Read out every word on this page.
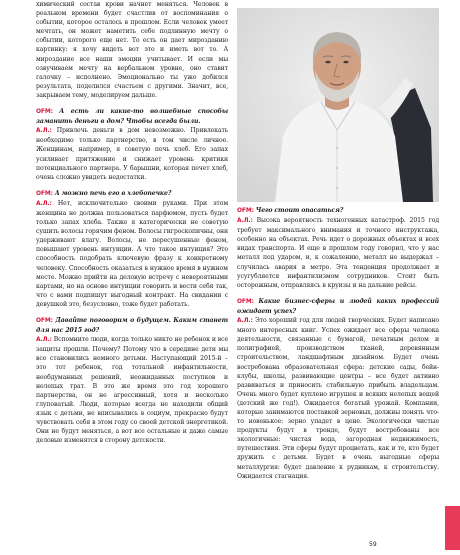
химический состав крови начнет меняться. Человек в реальном времени будет счастлив от воспоминания о событии, которое осталось в прошлом. Если человек умеет мечтать, он может наметить себе подлинную мечту о событии, которого еще нет. То есть он дает мирозданию картинку: я хочу видеть вот это и иметь вот то. А мироздание все наши эмоции учитывает. И если мы озвучиваем мечту на вербальном уровне, оно ставит галочку – исполнено. Эмоционально ты уже добился результата, поделился счастьем с другими. Значит, все, закрываем тему, моделируем дальше.

OFM: А есть ли какие-то волшебные способы заманить деньги в дом? Чтобы всегда были.

А.Л.: Привлечь деньги в дом невозможно. Привлекать необходимо только партнерство, в том числе личное. Женщинам, например, я советую печь хлеб. Его запах усиливает притяжение и снижает уровень критики потенциального партнера. У барышни, которая печет хлеб, очень сложно увидеть недостатки.

OFM: А можно печь его в хлебопечке?

А.Л.: Нет, исключительно своими руками. При этом женщина не должна пользоваться парфюмом, пусть будет только запах хлеба. Также я категорически не советую сушить волосы горячим феном. Волосы гигроскопичны, они удерживают влагу. Волосы, не пересушенные феном, повышают уровень интуиции. А что такое интуиция? Это способность подобрать ключевую фразу к конкретному человеку. Способность оказаться в нужное время в нужном месте. Можно прийти на деловую встречу с невероятными картами, но на основе интуиции говорить и вести себя так, что с вами подпишут выгодный контракт. На свидании с девушкой это, безусловно, тоже будет работать.

OFM: Давайте поговорим о будущем. Каким станет для нас 2015 год?

А.Л.: Вспомните люди, когда только никто не ребенок и все защиты прошли. Почему? Потому что в середине дети мы все становились немного детьми. Наступающий 2015-й – это тот ребенок, год тотальной инфантильности, необдуманных решений, неожиданных поступков и нелепых трат. В это же время это год хорошего партнерства, он не агрессивный, хотя и несколько глуповатый. Люди, которые всегда не находили общий язык с детьми, не вписывались в социум, прекрасно будут чувствовать себя в этом году со своей детской энергетикой. Они не будут меняться, а вот все остальные и даже самые деловые изменятся в сторону детскости.

OFM: Чего стоит опасаться?

А.Л.: Высока вероятность техногенных катастроф. 2015 год требует максимального внимания и точного инструктажа, особенно на объектах. Речь идет о дорожных объектах и всех видах транспорта. И еще в прошлом году говорил, что у нас металл под ударом, и, к сожалению, металл не выдержал – случилась авария в метро. Эта тенденция продолжает и усугубляется инфантилизмом сотрудников. Стоит быть осторожным, отправляясь в круизы и на дальние рейсы.

OFM: Какие бизнес-сферы и людей каких профессий ожидает успех?

А.Л.: Это хороший год для людей творческих. Будет написано много интересных книг. Успех ожидает все сферы челнока деятельности, связанные с бумагой, печатным делом и полиграфией, производством тканей, деревянным строительством, ландшафтным дизайном. Будет очень востребована образовательная сфера: детские сады, бейн-клубы, школы, развивающие центры – все будет активно развиваться и приносить стабильную прибыль владельцам. Очень много будет куплено игрушек и всяких нелепых вещей (детский же год!). Ожидается богатый урожай. Компании, которые занимаются поставкой зерновых, должны понять что-то новенькое: зерно упадет в цене. Экологически чистые продукты будут в тренде, будут востребованы все экологичные: чистая вода, загородная недвижимость, путешествия. Эти сферы будут процветать, как и те, кто будет дружить с детьми. Будет в очень выгодные сферы металлургия: будет давление к рудникам, к строительству. Ожидается стагнация.

59
